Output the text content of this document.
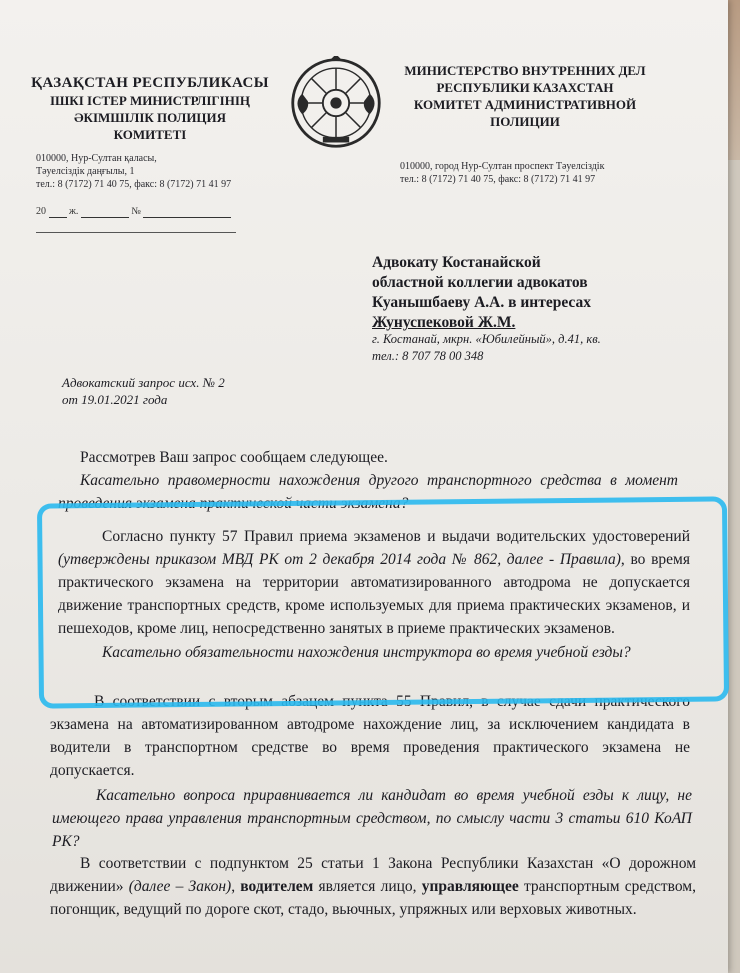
ҚАЗАҚСТАН РЕСПУБЛИКАСЫ
ІШКІ ІСТЕР МИНИСТРЛІГІНІҢ
ӘКІМШІЛІК ПОЛИЦИЯ
КОМИТЕТІ
МИНИСТЕРСТВО ВНУТРЕННИХ ДЕЛ
РЕСПУБЛИКИ КАЗАХСТАН
КОМИТЕТ АДМИНИСТРАТИВНОЙ
ПОЛИЦИИ
010000, Нур-Султан қаласы,
Тәуелсіздік даңғылы, 1
тел.: 8 (7172) 71 40 75, факс: 8 (7172) 71 41 97
010000, город Нур-Султан проспект Тәуелсіздік
тел.: 8 (7172) 71 40 75, факс: 8 (7172) 71 41 97
20 ж.	№
Адвокату Костанайской
областной коллегии адвокатов
Куанышбаеву А.А. в интересах
Жунуспековой Ж.М.
г. Костанай, мкрн. «Юбилейный», д.41, кв.
тел.: 8 707 78 00 348
Адвокатский запрос исх. № 2
от 19.01.2021 года
Рассмотрев Ваш запрос сообщаем следующее.
Касательно правомерности нахождения другого транспортного средства в момент проведения экзамена практической части экзамена?
Согласно пункту 57 Правил приема экзаменов и выдачи водительских удостоверений (утверждены приказом МВД РК от 2 декабря 2014 года № 862, далее - Правила), во время практического экзамена на территории автоматизированного автодрома не допускается движение транспортных средств, кроме используемых для приема практических экзаменов, и пешеходов, кроме лиц, непосредственно занятых в приеме практических экзаменов.
Касательно обязательности нахождения инструктора во время учебной езды?
В соответствии с вторым абзацем пункта 55 Правил, в случае сдачи практического экзамена на автоматизированном автодроме нахождение лиц, за исключением кандидата в водители в транспортном средстве во время проведения практического экзамена не допускается.
Касательно вопроса приравнивается ли кандидат во время учебной езды к лицу, не имеющего права управления транспортным средством, по смыслу части 3 статьи 610 КоАП РК?
В соответствии с подпунктом 25 статьи 1 Закона Республики Казахстан «О дорожном движении» (далее – Закон), водителем является лицо, управляющее транспортным средством, погонщик, ведущий по дороге скот, стадо, вьючных, упряжных или верховых животных.
